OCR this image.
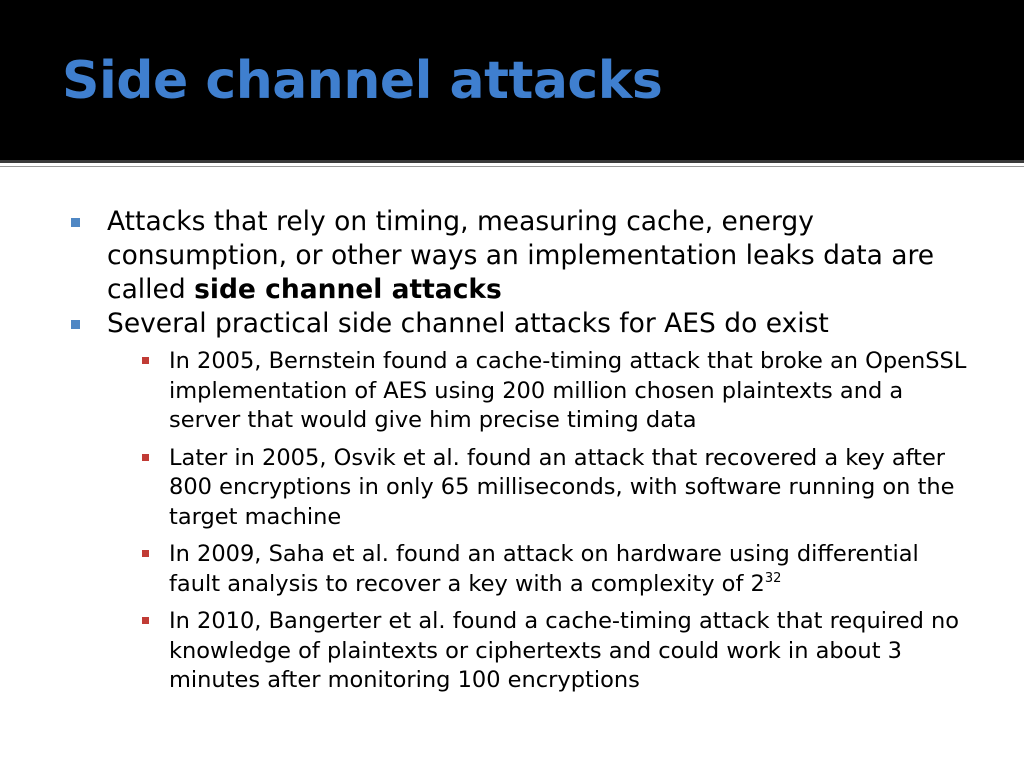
Side channel attacks

Attacks that rely on timing, measuring cache, energy consumption, or other ways an implementation leaks data are called side channel attacks

Several practical side channel attacks for AES do exist

In 2005, Bernstein found a cache-timing attack that broke an OpenSSL implementation of AES using 200 million chosen plaintexts and a server that would give him precise timing data

Later in 2005, Osvik et al. found an attack that recovered a key after 800 encryptions in only 65 milliseconds, with software running on the target machine

In 2009, Saha et al. found an attack on hardware using differential fault analysis to recover a key with a complexity of $2^{32}$

In 2010, Bangerter et al. found a cache-timing attack that required no knowledge of plaintexts or ciphertexts and could work in about 3 minutes after monitoring 100 encryptions
